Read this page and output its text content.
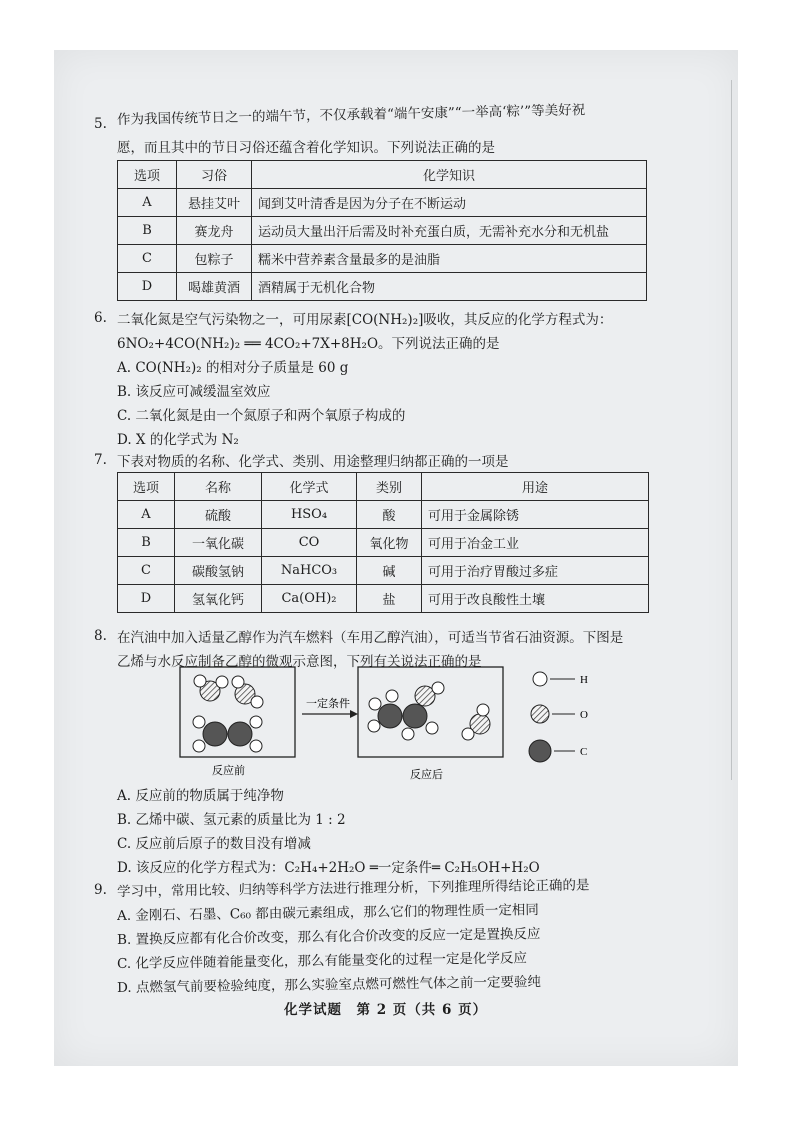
5. 作为我国传统节日之一的端午节，不仅承载着“端午安康”“一举高‘粽’”等美好祝
愿，而且其中的节日习俗还蕴含着化学知识。下列说法正确的是
选项	习俗	化学知识
A	悬挂艾叶	闻到艾叶清香是因为分子在不断运动
B	赛龙舟	运动员大量出汗后需及时补充蛋白质，无需补充水分和无机盐
C	包粽子	糯米中营养素含量最多的是油脂
D	喝雄黄酒	酒精属于无机化合物
6. 二氧化氮是空气污染物之一，可用尿素[CO(NH₂)₂]吸收，其反应的化学方程式为：
6NO₂+4CO(NH₂)₂ ══ 4CO₂+7X+8H₂O。下列说法正确的是
A. CO(NH₂)₂ 的相对分子质量是 60 g
B. 该反应可减缓温室效应
C. 二氧化氮是由一个氮原子和两个氧原子构成的
D. X 的化学式为 N₂
7. 下表对物质的名称、化学式、类别、用途整理归纳都正确的一项是
选项	名称	化学式	类别	用途
A	硫酸	HSO₄	酸	可用于金属除锈
B	一氧化碳	CO	氧化物	可用于冶金工业
C	碳酸氢钠	NaHCO₃	碱	可用于治疗胃酸过多症
D	氢氧化钙	Ca(OH)₂	盐	可用于改良酸性土壤
8. 在汽油中加入适量乙醇作为汽车燃料（车用乙醇汽油），可适当节省石油资源。下图是
乙烯与水反应制备乙醇的微观示意图，下列有关说法正确的是
H
O
C
一定条件
反应前	反应后
A. 反应前的物质属于纯净物
B. 乙烯中碳、氢元素的质量比为 1 : 2
C. 反应前后原子的数目没有增减
D. 该反应的化学方程式为：C₂H₄+2H₂O ═一定条件═ C₂H₅OH+H₂O
9. 学习中，常用比较、归纳等科学方法进行推理分析，下列推理所得结论正确的是
A. 金刚石、石墨、C₆₀ 都由碳元素组成，那么它们的物理性质一定相同
B. 置换反应都有化合价改变，那么有化合价改变的反应一定是置换反应
C. 化学反应伴随着能量变化，那么有能量变化的过程一定是化学反应
D. 点燃氢气前要检验纯度，那么实验室点燃可燃性气体之前一定要验纯
化学试题　第 2 页（共 6 页）
